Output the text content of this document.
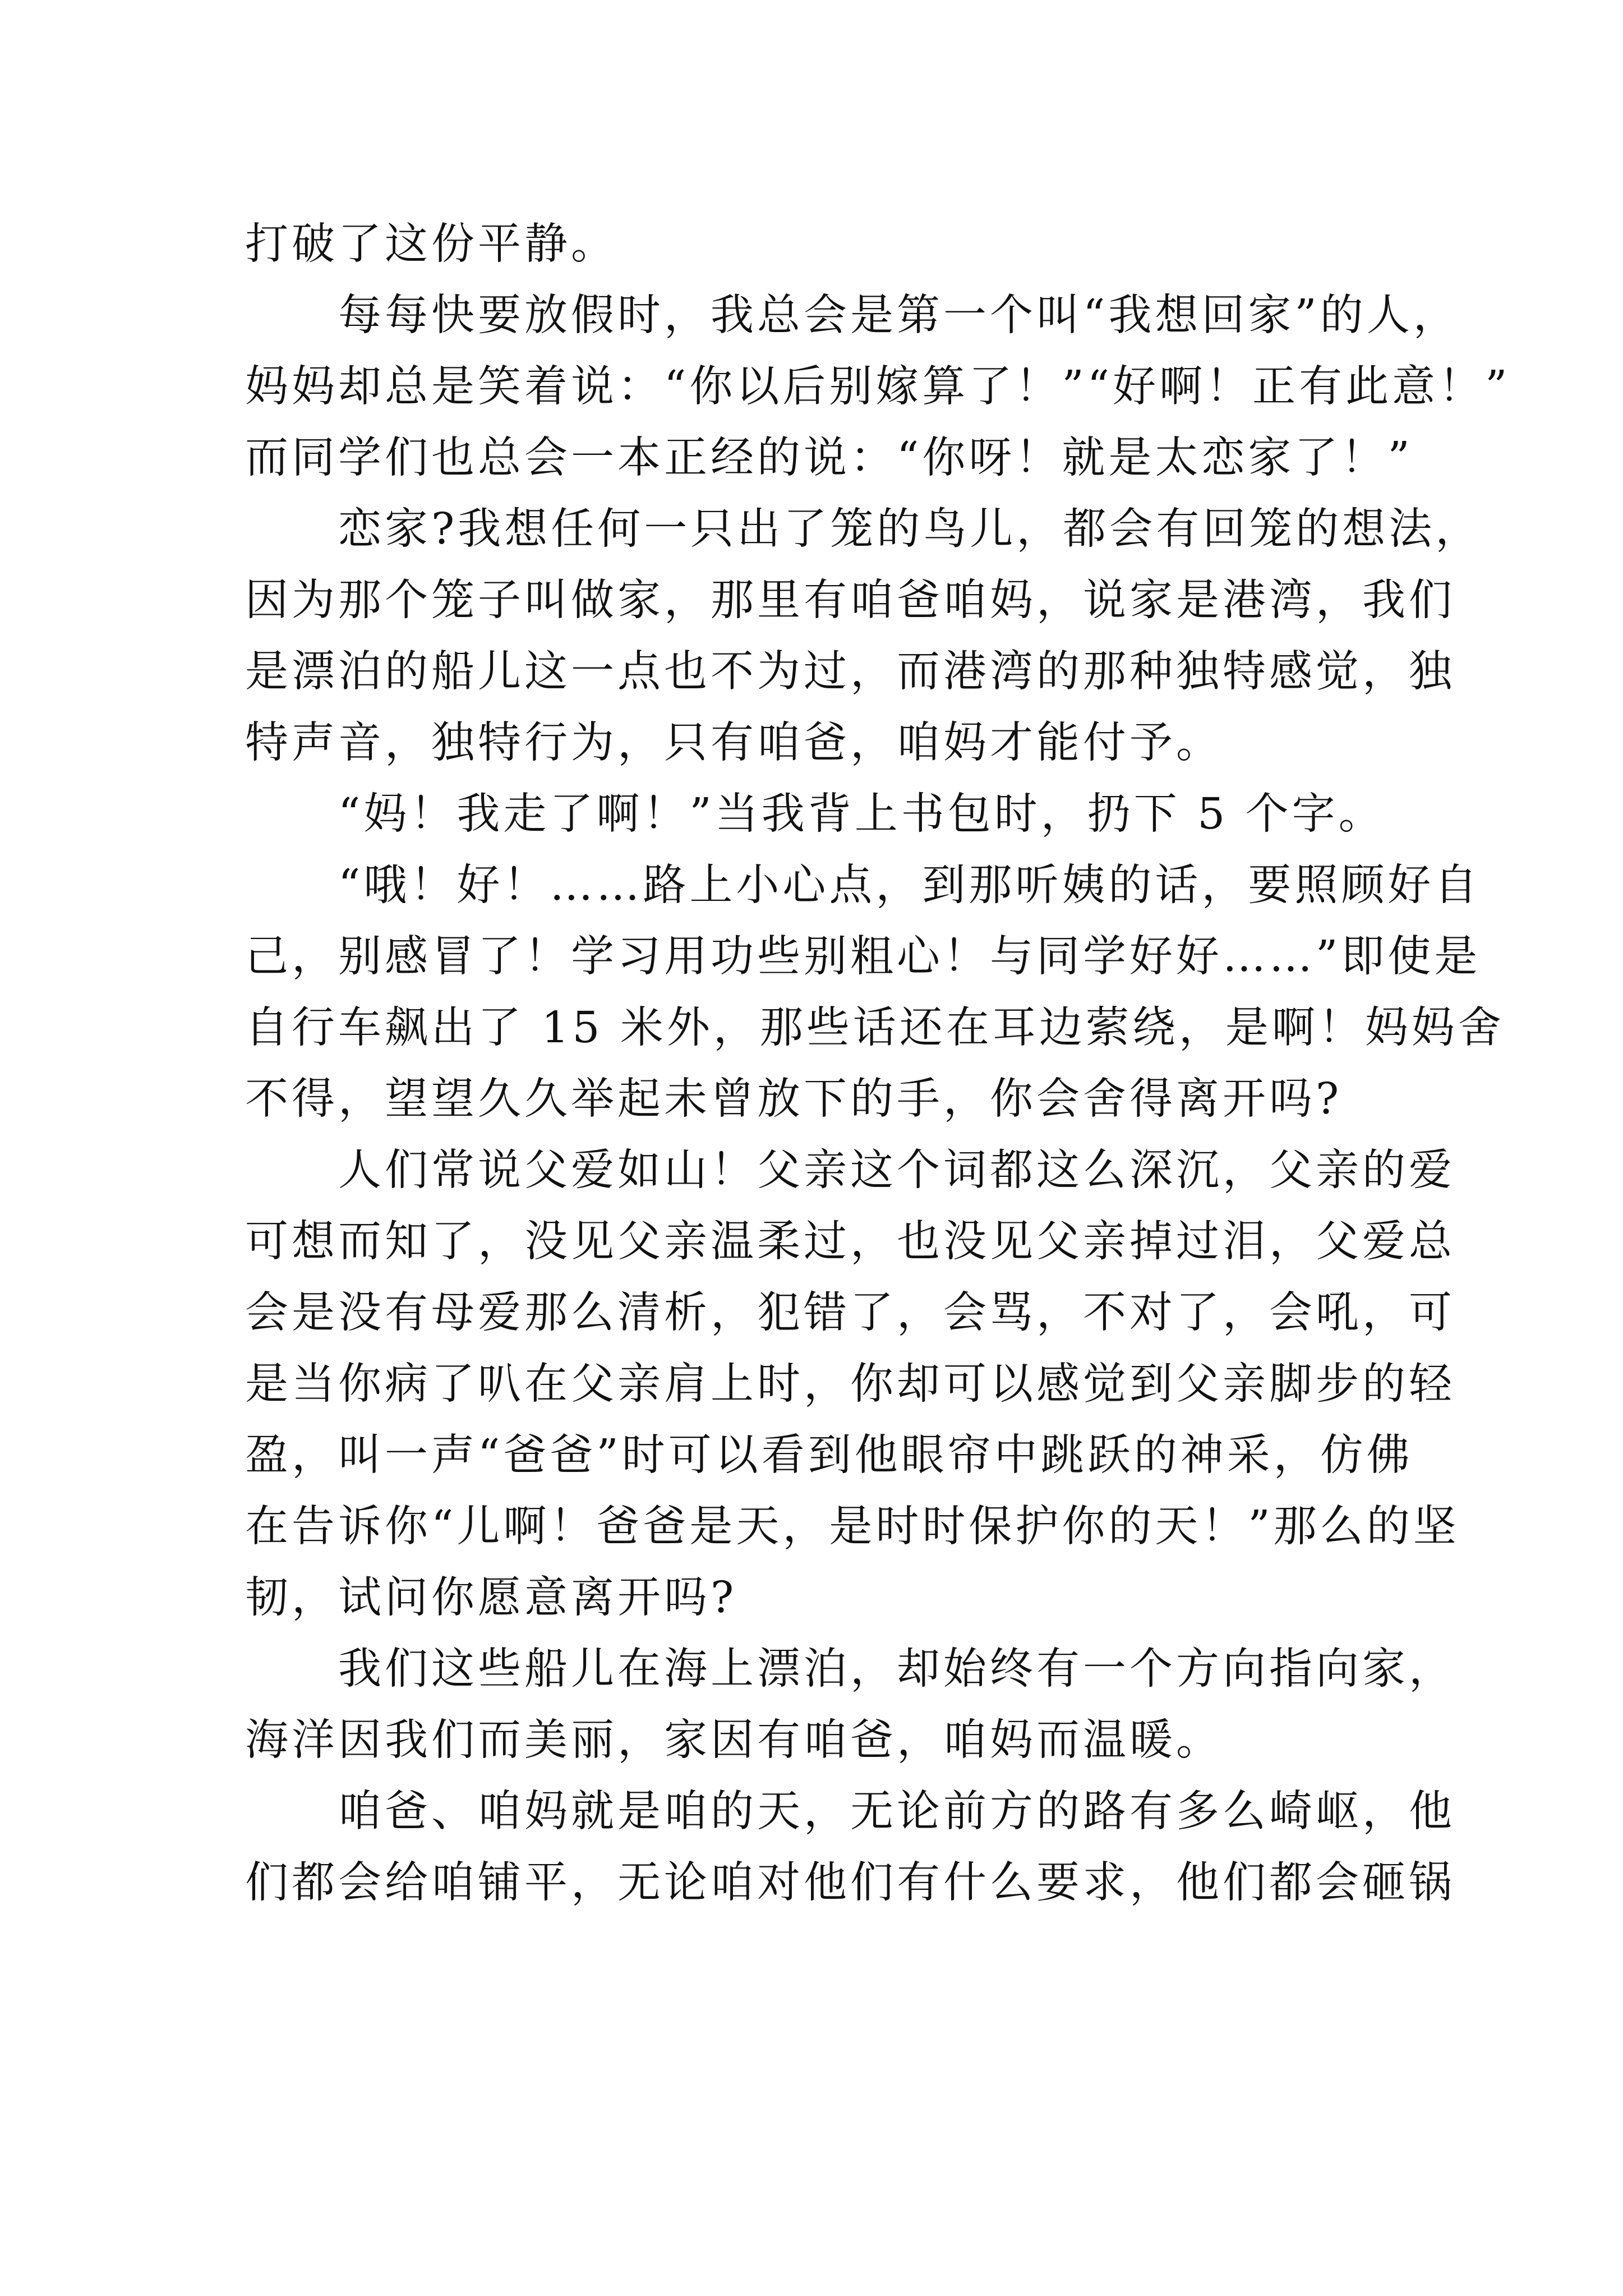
打破了这份平静。
每每快要放假时，我总会是第一个叫“我想回家”的人，
妈妈却总是笑着说：“你以后别嫁算了！”“好啊！正有此意！”
而同学们也总会一本正经的说：“你呀！就是太恋家了！”
恋家?我想任何一只出了笼的鸟儿，都会有回笼的想法，
因为那个笼子叫做家，那里有咱爸咱妈，说家是港湾，我们
是漂泊的船儿这一点也不为过，而港湾的那种独特感觉，独
特声音，独特行为，只有咱爸，咱妈才能付予。
“妈！我走了啊！”当我背上书包时，扔下 5 个字。
“哦！好！……路上小心点，到那听姨的话，要照顾好自
己，别感冒了！学习用功些别粗心！与同学好好……”即使是
自行车飙出了 15 米外，那些话还在耳边萦绕，是啊！妈妈舍
不得，望望久久举起未曾放下的手，你会舍得离开吗?
人们常说父爱如山！父亲这个词都这么深沉，父亲的爱
可想而知了，没见父亲温柔过，也没见父亲掉过泪，父爱总
会是没有母爱那么清析，犯错了，会骂，不对了，会吼，可
是当你病了叭在父亲肩上时，你却可以感觉到父亲脚步的轻
盈，叫一声“爸爸”时可以看到他眼帘中跳跃的神采，仿佛
在告诉你“儿啊！爸爸是天，是时时保护你的天！”那么的坚
韧，试问你愿意离开吗?
我们这些船儿在海上漂泊，却始终有一个方向指向家，
海洋因我们而美丽，家因有咱爸，咱妈而温暖。
咱爸、咱妈就是咱的天，无论前方的路有多么崎岖，他
们都会给咱铺平，无论咱对他们有什么要求，他们都会砸锅
